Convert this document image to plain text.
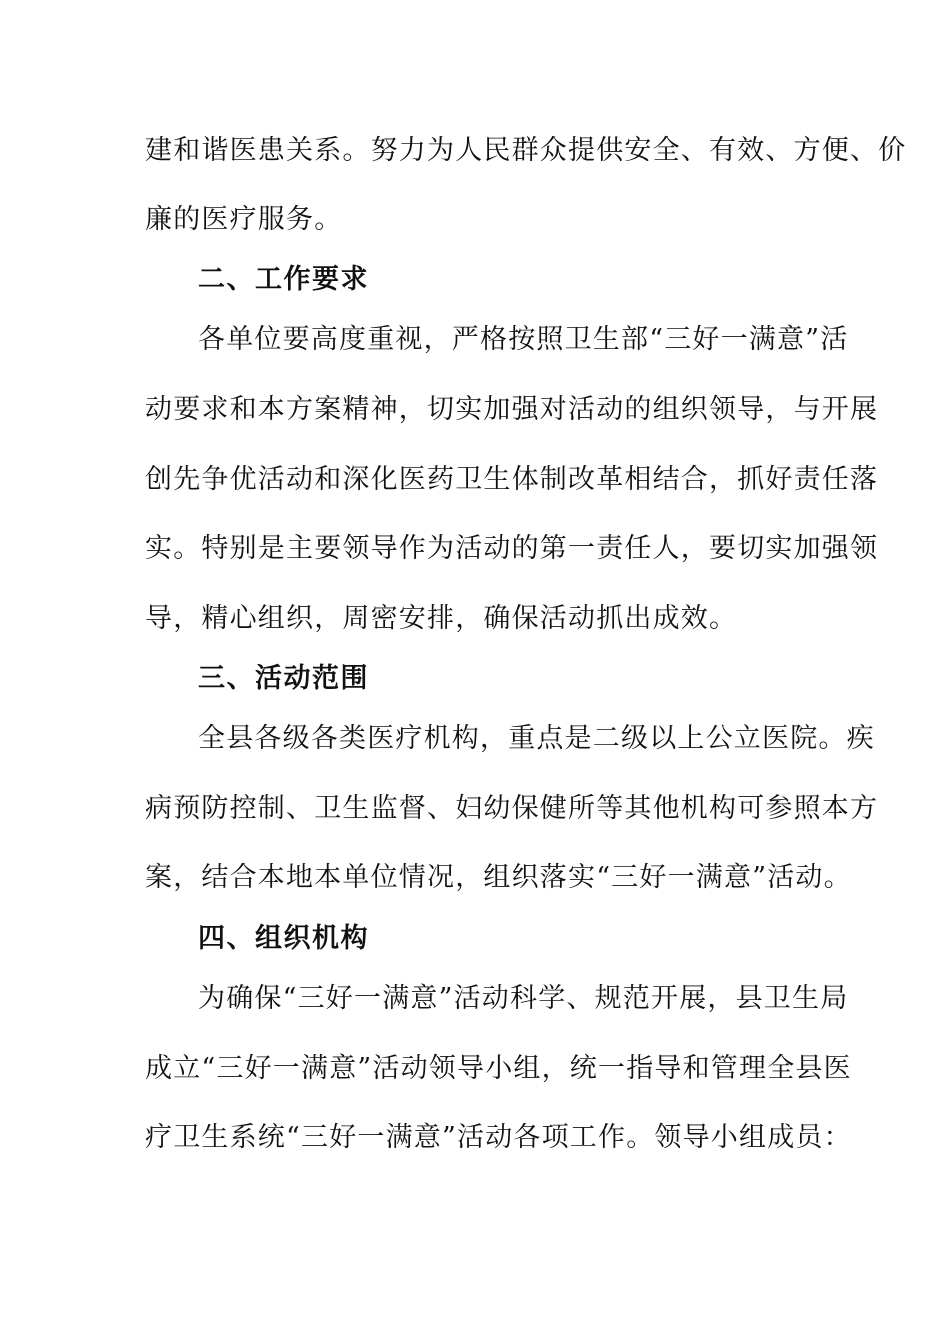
建和谐医患关系。努力为人民群众提供安全、有效、方便、价
廉的医疗服务。
二、工作要求
各单位要高度重视，严格按照卫生部“三好一满意”活
动要求和本方案精神，切实加强对活动的组织领导，与开展
创先争优活动和深化医药卫生体制改革相结合，抓好责任落
实。特别是主要领导作为活动的第一责任人，要切实加强领
导，精心组织，周密安排，确保活动抓出成效。
三、活动范围
全县各级各类医疗机构，重点是二级以上公立医院。疾
病预防控制、卫生监督、妇幼保健所等其他机构可参照本方
案，结合本地本单位情况，组织落实“三好一满意”活动。
四、组织机构
为确保“三好一满意”活动科学、规范开展，县卫生局
成立“三好一满意”活动领导小组，统一指导和管理全县医
疗卫生系统“三好一满意”活动各项工作。领导小组成员：
